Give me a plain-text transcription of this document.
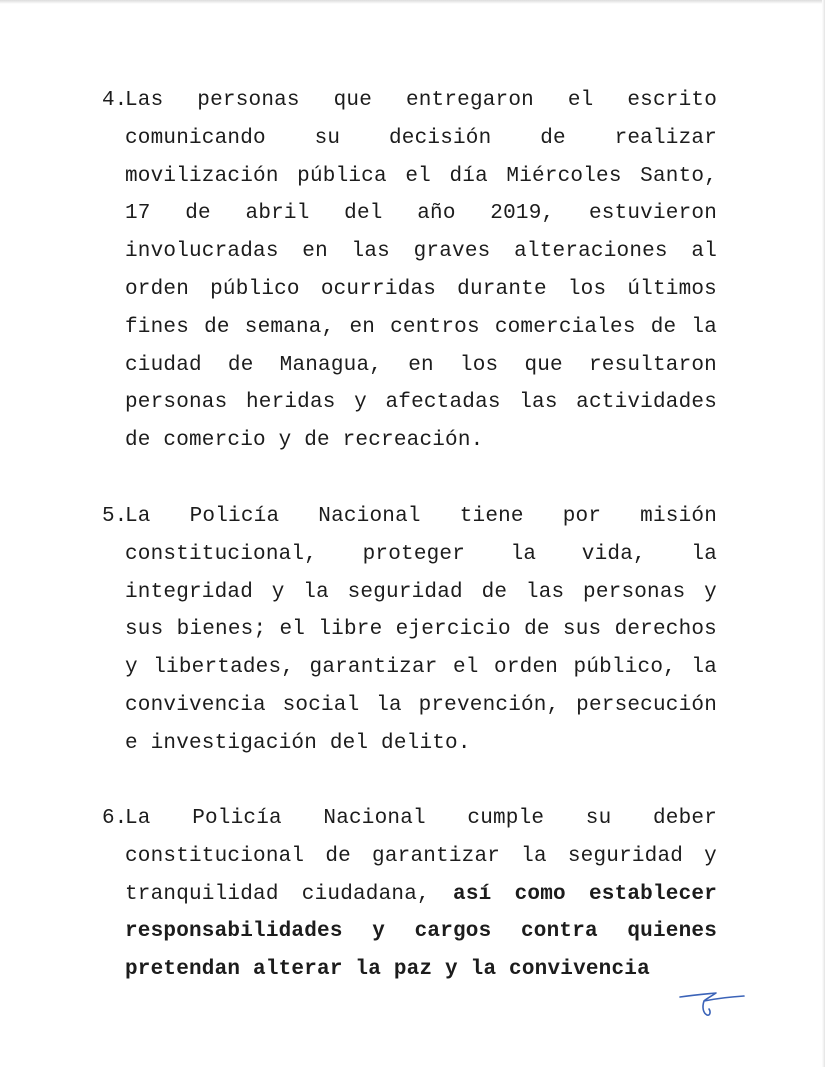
4.

Las personas que entregaron el escrito comunicando su decisión de realizar movilización pública el día Miércoles Santo, 17 de abril del año 2019, estuvieron involucradas en las graves alteraciones al orden público ocurridas durante los últimos fines de semana, en centros comerciales de la ciudad de Managua, en los que resultaron personas heridas y afectadas las actividades de comercio y de recreación.

5.

La Policía Nacional tiene por misión constitucional, proteger la vida, la integridad y la seguridad de las personas y sus bienes; el libre ejercicio de sus derechos y libertades, garantizar el orden público, la convivencia social la prevención, persecución e investigación del delito.

6.

La Policía Nacional cumple su deber constitucional de garantizar la seguridad y tranquilidad ciudadana, así como establecer responsabilidades y cargos contra quienes pretendan alterar la paz y la convivencia
